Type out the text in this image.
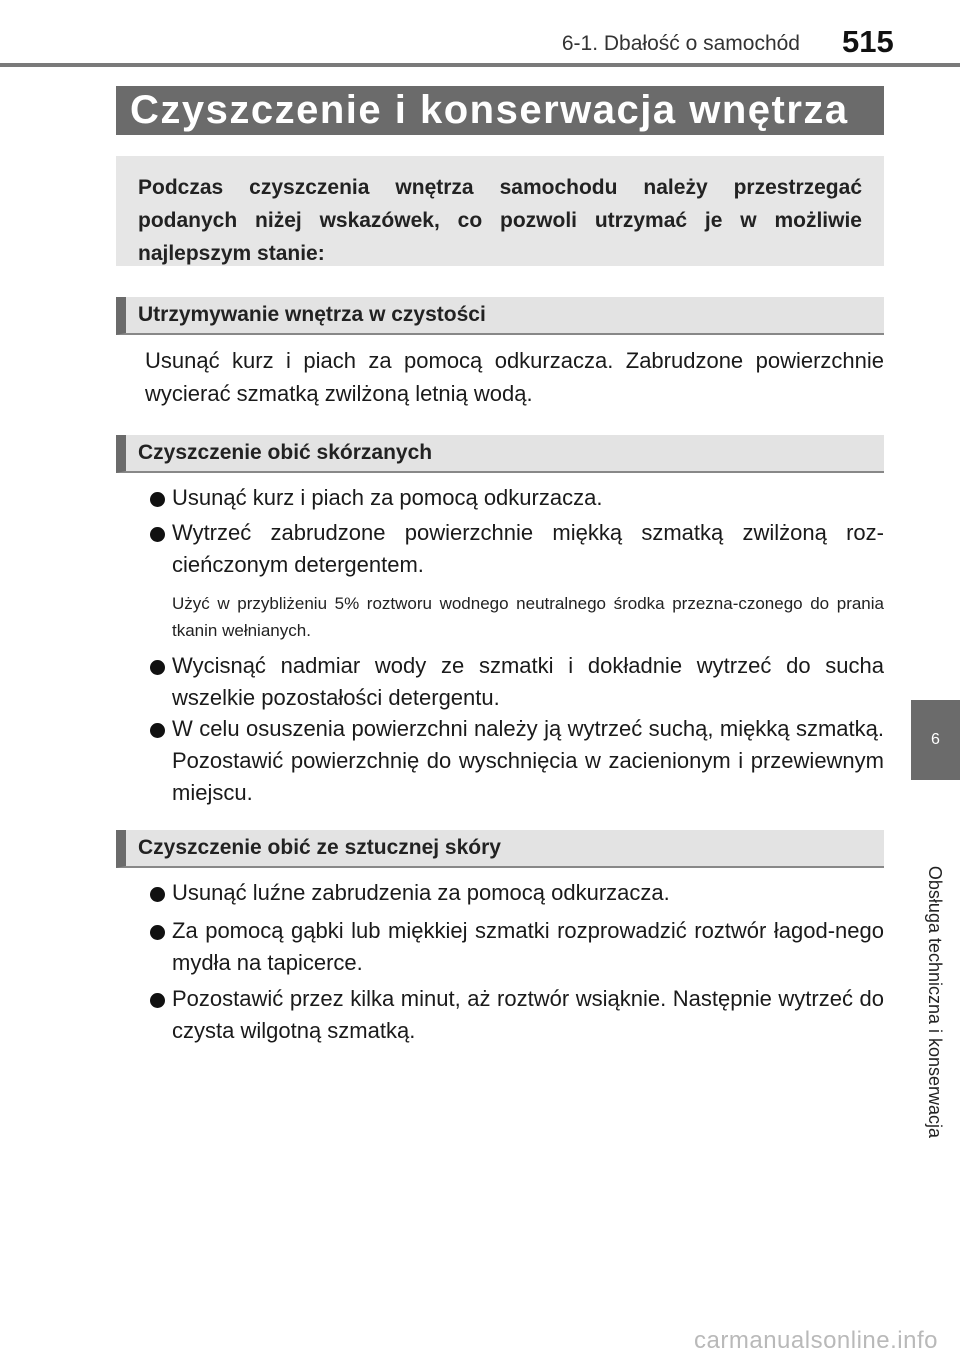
6-1. Dbałość o samochód 515
Czyszczenie i konserwacja wnętrza
Podczas czyszczenia wnętrza samochodu należy przestrzegać podanych niżej wskazówek, co pozwoli utrzymać je w możliwie najlepszym stanie:
Utrzymywanie wnętrza w czystości
Usunąć kurz i piach za pomocą odkurzacza. Zabrudzone powierzchnie wycierać szmatką zwilżoną letnią wodą.
Czyszczenie obić skórzanych
Usunąć kurz i piach za pomocą odkurzacza.
Wytrzeć zabrudzone powierzchnie miękką szmatką zwilżoną roz-cieńczonym detergentem.
Użyć w przybliżeniu 5% roztworu wodnego neutralnego środka przezna-czonego do prania tkanin wełnianych.
Wycisnąć nadmiar wody ze szmatki i dokładnie wytrzeć do sucha wszelkie pozostałości detergentu.
W celu osuszenia powierzchni należy ją wytrzeć suchą, miękką szmatką. Pozostawić powierzchnię do wyschnięcia w zacienionym i przewiewnym miejscu.
Czyszczenie obić ze sztucznej skóry
Usunąć luźne zabrudzenia za pomocą odkurzacza.
Za pomocą gąbki lub miękkiej szmatki rozprowadzić roztwór łagod-nego mydła na tapicerce.
Pozostawić przez kilka minut, aż roztwór wsiąknie. Następnie wytrzeć do czysta wilgotną szmatką.
6
Obsługa techniczna i konserwacja
carmanualsonline.info
